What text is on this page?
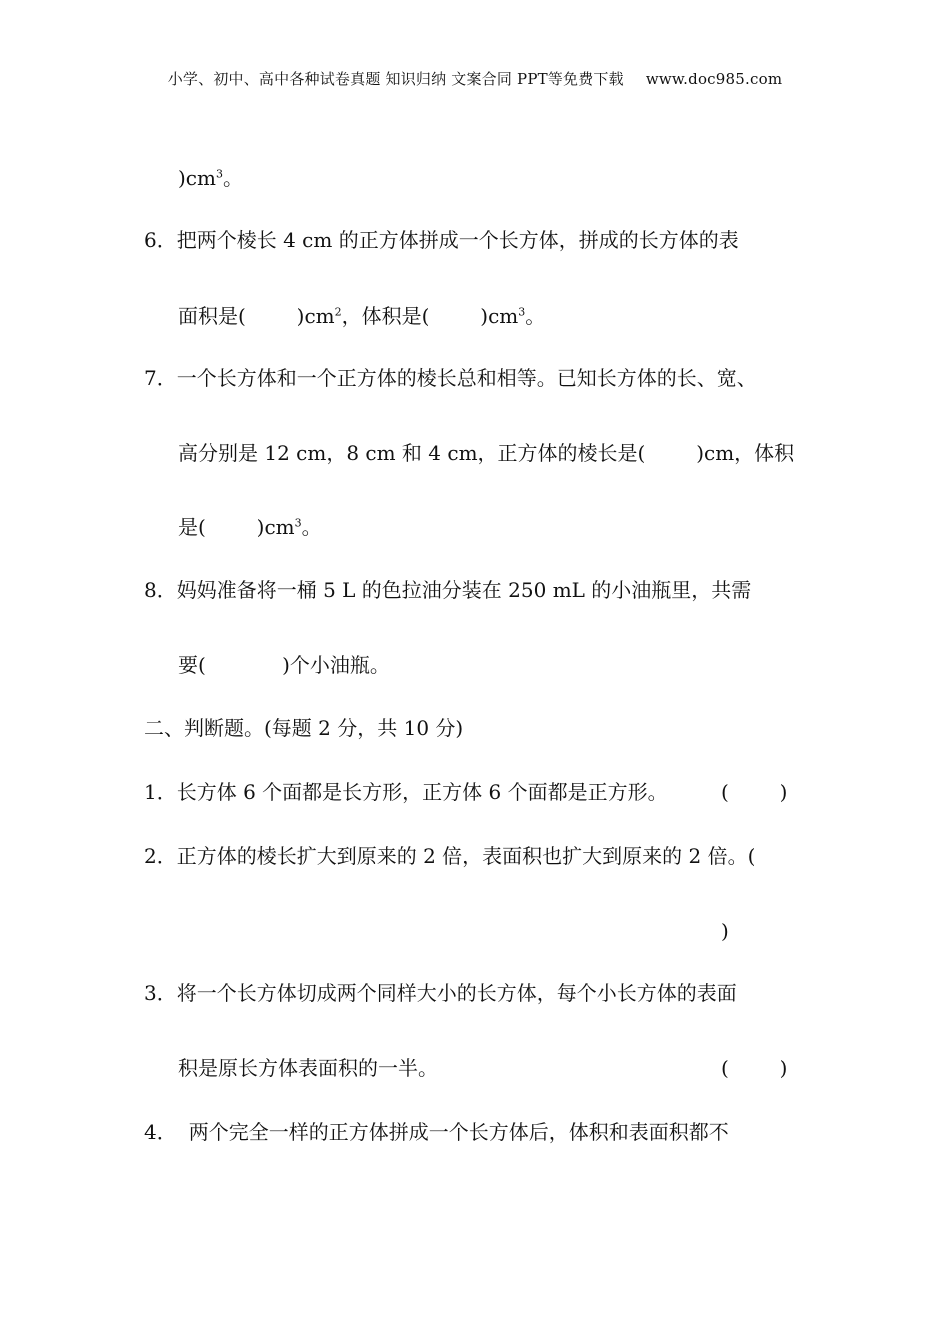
小学、初中、高中各种试卷真题 知识归纳 文案合同 PPT等免费下载 www.doc985.com
)$cm^3$。
6．把两个棱长 4 cm 的正方体拼成一个长方体，拼成的长方体的表
面积是(        )$cm^2$，体积是(        )$cm^3$。
7．一个长方体和一个正方体的棱长总和相等。已知长方体的长、宽、
高分别是 12 cm，8 cm 和 4 cm，正方体的棱长是(        )cm，体积
是(        )$cm^3$。
8．妈妈准备将一桶 5 L 的色拉油分装在 250 mL 的小油瓶里，共需
要(            )个小油瓶。
二、判断题。(每题 2 分，共 10 分)
1．长方体 6 个面都是长方形，正方体 6 个面都是正方形。	(        )
2．正方体的棱长扩大到原来的 2 倍，表面积也扩大到原来的 2 倍。(
)
3．将一个长方体切成两个同样大小的长方体，每个小长方体的表面
积是原长方体表面积的一半。	(        )
4． 两个完全一样的正方体拼成一个长方体后，体积和表面积都不
